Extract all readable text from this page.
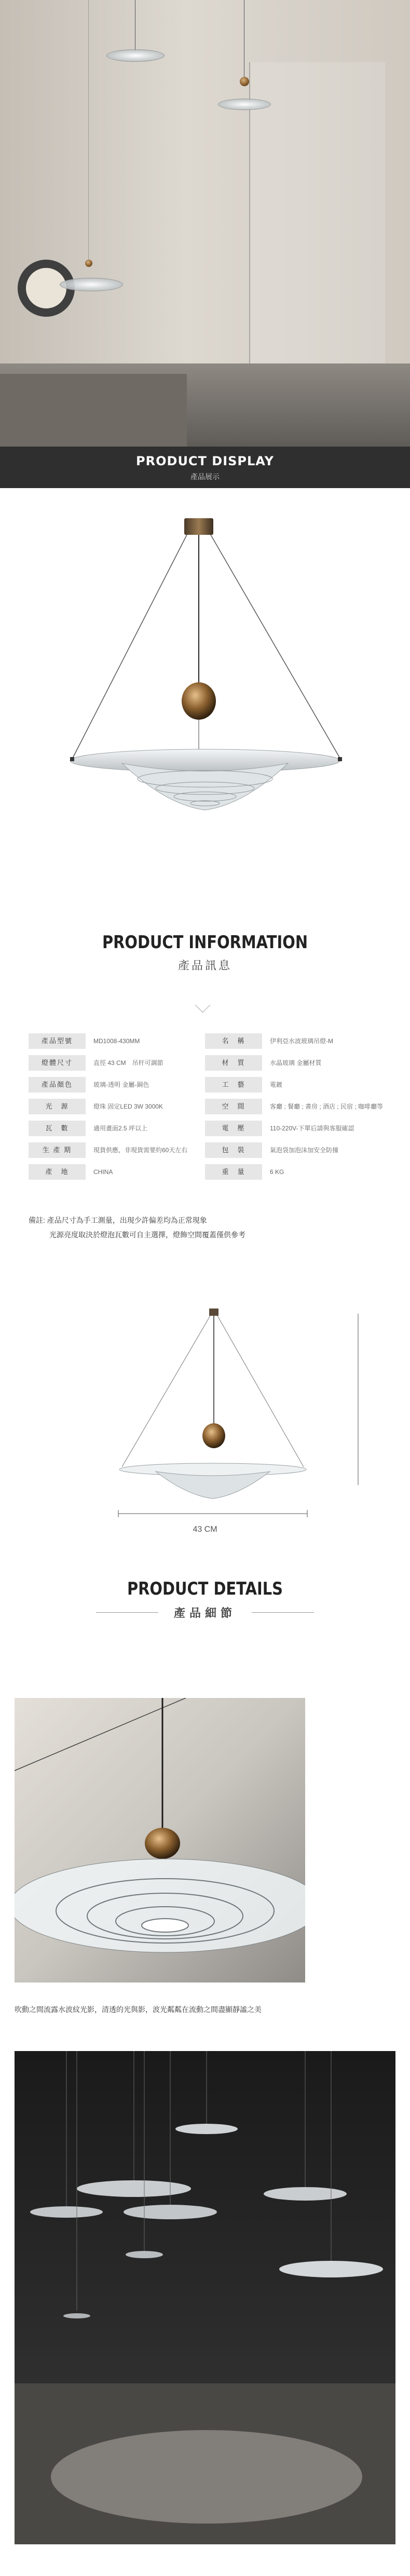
PRODUCT DISPLAY
產品展示
PRODUCT INFORMATION
產品訊息
產品型號	MD1008-430MM	名　稱	伊利亞水波玻璃吊燈-M
燈體尺寸	直徑 43 CM　吊杆可調節	材　質	水晶玻璃 金屬材質
產品顏色	玻璃-透明 金屬-銅色	工　藝	電鍍
光　源	燈珠 固定LED 3W 3000K	空　間	客廳 ; 餐廳 ; 書房 ; 酒店 ; 民宿 ; 咖啡廳等
瓦　數	適用畫面2.5 坪以上	電　壓	110-220V-下單后請與客服確認
生 產 期	現貨供應，非現貨需要約60天左右	包　裝	氣泡袋加泡沫加安全防撞
產　地	CHINA	重　量	6 KG
備註: 產品尺寸為手工測量，出現少許偏差均為正常現象
光源亮度取決於燈泡瓦數可自主選擇，燈飾空間覆蓋僅供參考
43 CM
PRODUCT DETAILS
產品細節
吹動之間流露水波紋光影，清透的光與影，波光粼粼在流動之間盡顯靜謐之美
